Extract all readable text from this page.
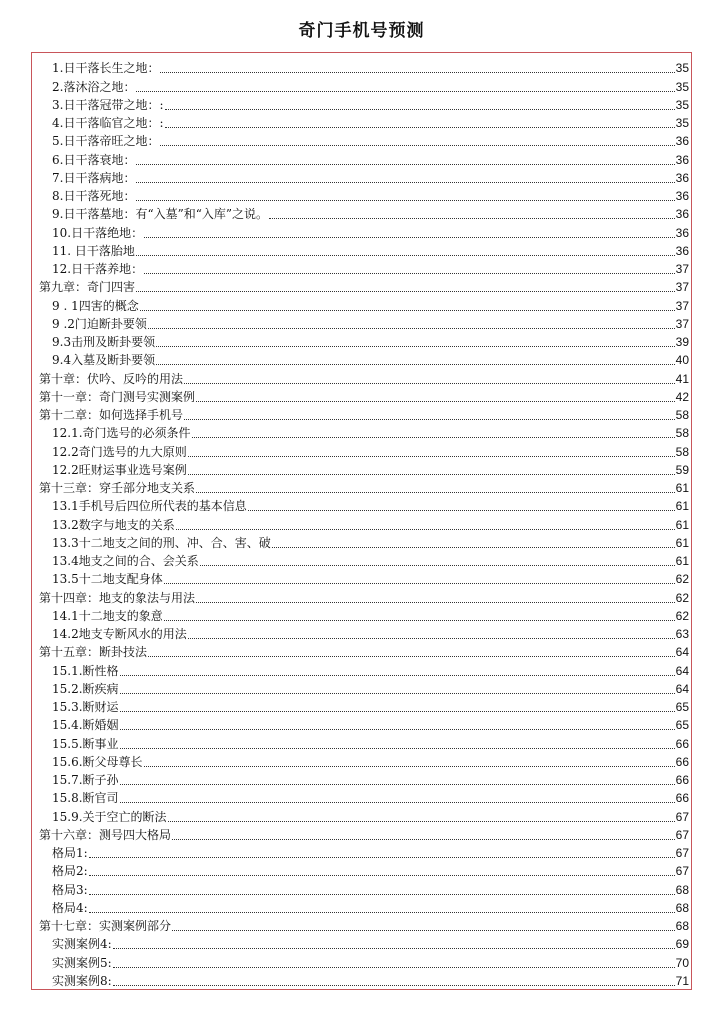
奇门手机号预测
1.日干落长生之地：	35
2.落沐浴之地：	35
3.日干落冠带之地：:	35
4.日干落临官之地：:	35
5.日干落帝旺之地：	36
6.日干落衰地：	36
7.日干落病地：	36
8.日干落死地：	36
9.日干落墓地：有“入墓”和“入库”之说。	36
10.日干落绝地：	36
11. 日干落胎地	36
12.日干落养地：	37
第九章：奇门四害	37
9 . 1四害的概念	37
9 .2门迫断卦要领	37
9.3击刑及断卦要领	39
9.4入墓及断卦要领	40
第十章：伏吟、反吟的用法	41
第十一章：奇门测号实测案例	42
第十二章：如何选择手机号	58
12.1.奇门选号的必须条件	58
12.2奇门选号的九大原则	58
12.2旺财运事业选号案例	59
第十三章：穿壬部分地支关系	61
13.1手机号后四位所代表的基本信息	61
13.2数字与地支的关系	61
13.3十二地支之间的刑、冲、合、害、破	61
13.4地支之间的合、会关系	61
13.5十二地支配身体	62
第十四章：地支的象法与用法	62
14.1十二地支的象意	62
14.2地支专断风水的用法	63
第十五章：断卦技法	64
15.1.断性格	64
15.2.断疾病	64
15.3.断财运	65
15.4.断婚姻	65
15.5.断事业	66
15.6.断父母尊长	66
15.7.断子孙	66
15.8.断官司	66
15.9.关于空亡的断法	67
第十六章：测号四大格局	67
格局1:	67
格局2:	67
格局3:	68
格局4:	68
第十七章：实测案例部分	68
实测案例4:	69
实测案例5:	70
实测案例8:	71
